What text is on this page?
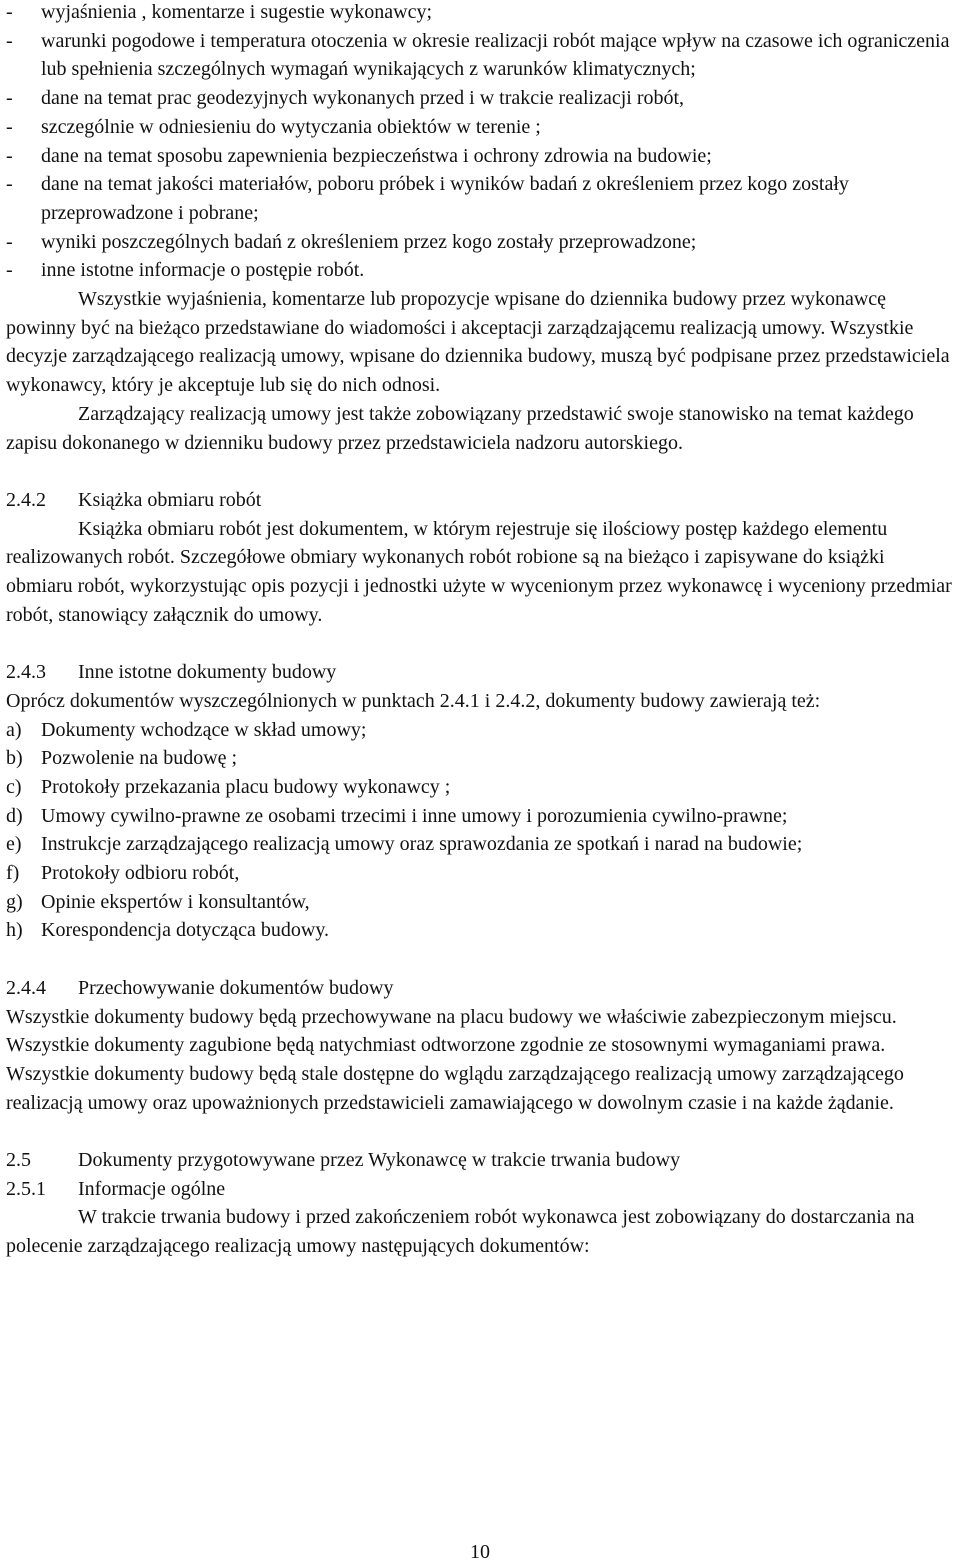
- wyjaśnienia , komentarze i sugestie wykonawcy;
- warunki pogodowe i temperatura otoczenia w okresie realizacji robót mające wpływ na czasowe ich ograniczenia lub spełnienia szczególnych wymagań wynikających z warunków klimatycznych;
- dane na temat prac geodezyjnych wykonanych przed i w trakcie realizacji robót,
- szczególnie w odniesieniu do wytyczania obiektów w terenie ;
- dane na temat sposobu zapewnienia bezpieczeństwa i ochrony zdrowia na budowie;
- dane na temat jakości materiałów, poboru próbek i wyników badań z określeniem przez kogo zostały przeprowadzone i pobrane;
- wyniki poszczególnych badań z określeniem przez kogo zostały przeprowadzone;
- inne istotne informacje o postępie robót.

Wszystkie wyjaśnienia, komentarze lub propozycje wpisane do dziennika budowy przez wykonawcę powinny być na bieżąco przedstawiane do wiadomości i akceptacji zarządzającemu realizacją umowy. Wszystkie decyzje zarządzającego realizacją umowy, wpisane do dziennika budowy, muszą być podpisane przez przedstawiciela wykonawcy, który je akceptuje lub się do nich odnosi.

Zarządzający realizacją umowy jest także zobowiązany przedstawić swoje stanowisko na temat każdego zapisu dokonanego w dzienniku budowy przez przedstawiciela nadzoru autorskiego.

2.4.2 Książka obmiaru robót

Książka obmiaru robót jest dokumentem, w którym rejestruje się ilościowy postęp każdego elementu realizowanych robót. Szczegółowe obmiary wykonanych robót robione są na bieżąco i zapisywane do książki obmiaru robót, wykorzystując opis pozycji i jednostki użyte w wycenionym przez wykonawcę i wyceniony przedmiar robót, stanowiący załącznik do umowy.

2.4.3 Inne istotne dokumenty budowy

Oprócz dokumentów wyszczególnionych w punktach 2.4.1 i 2.4.2, dokumenty budowy zawierają też:

a) Dokumenty wchodzące w skład umowy;
b) Pozwolenie na budowę ;
c) Protokoły przekazania placu budowy wykonawcy ;
d) Umowy cywilno-prawne ze osobami trzecimi i inne umowy i porozumienia cywilno-prawne;
e) Instrukcje zarządzającego realizacją umowy oraz sprawozdania ze spotkań i narad na budowie;
f) Protokoły odbioru robót,
g) Opinie ekspertów i konsultantów,
h) Korespondencja dotycząca budowy.
2.4.4 Przechowywanie dokumentów budowy

Wszystkie dokumenty budowy będą przechowywane na placu budowy we właściwie zabezpieczonym miejscu. Wszystkie dokumenty zagubione będą natychmiast odtworzone zgodnie ze stosownymi wymaganiami prawa. Wszystkie dokumenty budowy będą stale dostępne do wglądu zarządzającego realizacją umowy zarządzającego realizacją umowy oraz upoważnionych przedstawicieli zamawiającego w dowolnym czasie i na każde żądanie.

2.5 Dokumenty przygotowywane przez Wykonawcę w trakcie trwania budowy
2.5.1 Informacje ogólne

W trakcie trwania budowy i przed zakończeniem robót wykonawca jest zobowiązany do dostarczania na polecenie zarządzającego realizacją umowy następujących dokumentów:

10
